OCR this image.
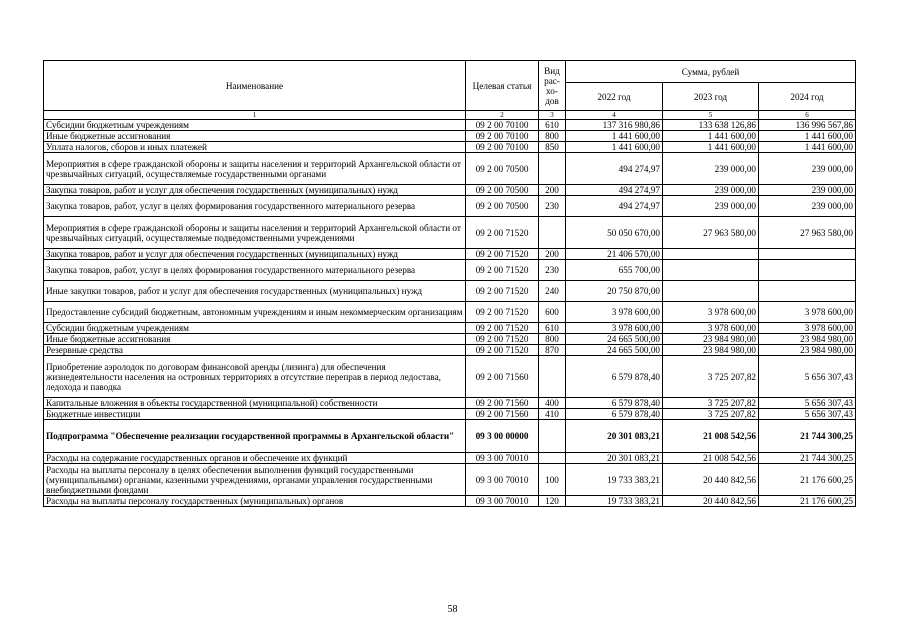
Наименование	Целевая статья	Вид
рас-
хо-
дов	Сумма, рублей		
			2022 год	2023 год	2024 год
1	2	3	4	5	6
Субсидии бюджетным учреждениям	09 2 00 70100	610	137 316 980,86	133 638 126,86	136 996 567,86
Иные бюджетные ассигнования	09 2 00 70100	800	1 441 600,00	1 441 600,00	1 441 600,00
Уплата налогов, сборов и иных платежей	09 2 00 70100	850	1 441 600,00	1 441 600,00	1 441 600,00
Мероприятия в сфере гражданской обороны и защиты населения и территорий Архангельской области от чрезвычайных ситуаций, осуществляемые государственными органами	09 2 00 70500		494 274,97	239 000,00	239 000,00
Закупка товаров, работ и услуг для обеспечения государственных (муниципальных) нужд	09 2 00 70500	200	494 274,97	239 000,00	239 000,00
Закупка товаров, работ, услуг в целях формирования государственного материального резерва	09 2 00 70500	230	494 274,97	239 000,00	239 000,00
Мероприятия в сфере гражданской обороны и защиты населения и территорий Архангельской области от чрезвычайных ситуаций, осуществляемые подведомственными учреждениями	09 2 00 71520		50 050 670,00	27 963 580,00	27 963 580,00
Закупка товаров, работ и услуг для обеспечения государственных (муниципальных) нужд	09 2 00 71520	200	21 406 570,00		
Закупка товаров, работ, услуг в целях формирования государственного материального резерва	09 2 00 71520	230	655 700,00		
Иные закупки товаров, работ и услуг для обеспечения государственных (муниципальных) нужд	09 2 00 71520	240	20 750 870,00		
Предоставление субсидий бюджетным, автономным учреждениям и иным некоммерческим организациям	09 2 00 71520	600	3 978 600,00	3 978 600,00	3 978 600,00
Субсидии бюджетным учреждениям	09 2 00 71520	610	3 978 600,00	3 978 600,00	3 978 600,00
Иные бюджетные ассигнования	09 2 00 71520	800	24 665 500,00	23 984 980,00	23 984 980,00
Резервные средства	09 2 00 71520	870	24 665 500,00	23 984 980,00	23 984 980,00
Приобретение аэролодок по договорам финансовой аренды (лизинга) для обеспечения жизнедеятельности населения на островных территориях в отсутствие переправ в период ледостава, ледохода и паводка	09 2 00 71560		6 579 878,40	3 725 207,82	5 656 307,43
Капитальные вложения в объекты государственной (муниципальной) собственности	09 2 00 71560	400	6 579 878,40	3 725 207,82	5 656 307,43
Бюджетные инвестиции	09 2 00 71560	410	6 579 878,40	3 725 207,82	5 656 307,43
Подпрограмма "Обеспечение реализации государственной программы в Архангельской области"	09 3 00 00000		20 301 083,21	21 008 542,56	21 744 300,25
Расходы на содержание государственных органов и обеспечение их функций	09 3 00 70010		20 301 083,21	21 008 542,56	21 744 300,25
Расходы на выплаты персоналу в целях обеспечения выполнения функций государственными (муниципальными) органами, казенными учреждениями, органами управления государственными внебюджетными фондами	09 3 00 70010	100	19 733 383,21	20 440 842,56	21 176 600,25
Расходы на выплаты персоналу государственных (муниципальных) органов	09 3 00 70010	120	19 733 383,21	20 440 842,56	21 176 600,25
58
